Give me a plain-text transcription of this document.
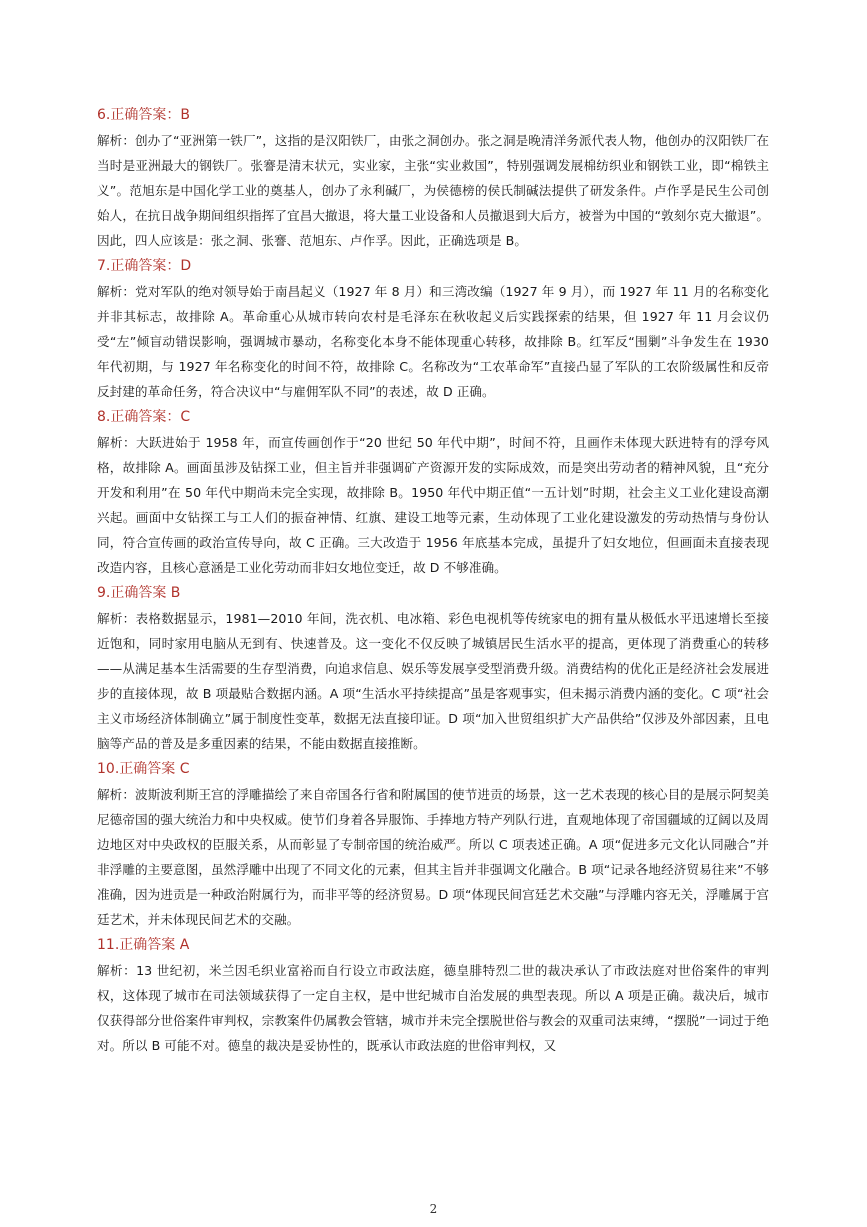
6.正确答案：B

解析：创办了“亚洲第一铁厂”，这指的是汉阳铁厂，由张之洞创办。张之洞是晚清洋务派代表人物，他创办的汉阳铁厂在当时是亚洲最大的钢铁厂。张謇是清末状元，实业家，主张“实业救国”，特别强调发展棉纺织业和钢铁工业，即“棉铁主义”。范旭东是中国化学工业的奠基人，创办了永利碱厂，为侯德榜的侯氏制碱法提供了研发条件。卢作孚是民生公司创始人，在抗日战争期间组织指挥了宜昌大撤退，将大量工业设备和人员撤退到大后方，被誉为中国的“敦刻尔克大撤退”。因此，四人应该是：张之洞、张謇、范旭东、卢作孚。因此，正确选项是 B。

7.正确答案：D

解析：党对军队的绝对领导始于南昌起义（1927 年 8 月）和三湾改编（1927 年 9 月），而 1927 年 11 月的名称变化并非其标志，故排除 A。革命重心从城市转向农村是毛泽东在秋收起义后实践探索的结果，但 1927 年 11 月会议仍受“左”倾盲动错误影响，强调城市暴动，名称变化本身不能体现重心转移，故排除 B。红军反“围剿”斗争发生在 1930 年代初期，与 1927 年名称变化的时间不符，故排除 C。名称改为“工农革命军”直接凸显了军队的工农阶级属性和反帝反封建的革命任务，符合决议中“与雇佣军队不同”的表述，故 D 正确。

8.正确答案：C

解析：大跃进始于 1958 年，而宣传画创作于“20 世纪 50 年代中期”，时间不符，且画作未体现大跃进特有的浮夸风格，故排除 A。画面虽涉及钻探工业，但主旨并非强调矿产资源开发的实际成效，而是突出劳动者的精神风貌，且“充分开发和利用”在 50 年代中期尚未完全实现，故排除 B。1950 年代中期正值“一五计划”时期，社会主义工业化建设高潮兴起。画面中女钻探工与工人们的振奋神情、红旗、建设工地等元素，生动体现了工业化建设激发的劳动热情与身份认同，符合宣传画的政治宣传导向，故 C 正确。三大改造于 1956 年底基本完成，虽提升了妇女地位，但画面未直接表现改造内容，且核心意涵是工业化劳动而非妇女地位变迁，故 D 不够准确。

9.正确答案 B

解析：表格数据显示，1981—2010 年间，洗衣机、电冰箱、彩色电视机等传统家电的拥有量从极低水平迅速增长至接近饱和，同时家用电脑从无到有、快速普及。这一变化不仅反映了城镇居民生活水平的提高，更体现了消费重心的转移——从满足基本生活需要的生存型消费，向追求信息、娱乐等发展享受型消费升级。消费结构的优化正是经济社会发展进步的直接体现，故 B 项最贴合数据内涵。A 项“生活水平持续提高”虽是客观事实，但未揭示消费内涵的变化。C 项“社会主义市场经济体制确立”属于制度性变革，数据无法直接印证。D 项“加入世贸组织扩大产品供给”仅涉及外部因素，且电脑等产品的普及是多重因素的结果，不能由数据直接推断。

10.正确答案 C

解析：波斯波利斯王宫的浮雕描绘了来自帝国各行省和附属国的使节进贡的场景，这一艺术表现的核心目的是展示阿契美尼德帝国的强大统治力和中央权威。使节们身着各异服饰、手捧地方特产列队行进，直观地体现了帝国疆域的辽阔以及周边地区对中央政权的臣服关系，从而彰显了专制帝国的统治威严。所以 C 项表述正确。A 项“促进多元文化认同融合”并非浮雕的主要意图，虽然浮雕中出现了不同文化的元素，但其主旨并非强调文化融合。B 项“记录各地经济贸易往来”不够准确，因为进贡是一种政治附属行为，而非平等的经济贸易。D 项“体现民间宫廷艺术交融”与浮雕内容无关，浮雕属于宫廷艺术，并未体现民间艺术的交融。

11.正确答案 A

解析：13 世纪初，米兰因毛织业富裕而自行设立市政法庭，德皇腓特烈二世的裁决承认了市政法庭对世俗案件的审判权，这体现了城市在司法领域获得了一定自主权，是中世纪城市自治发展的典型表现。所以 A 项是正确。裁决后，城市仅获得部分世俗案件审判权，宗教案件仍属教会管辖，城市并未完全摆脱世俗与教会的双重司法束缚，“摆脱”一词过于绝对。所以 B 可能不对。德皇的裁决是妥协性的，既承认市政法庭的世俗审判权，又

2
